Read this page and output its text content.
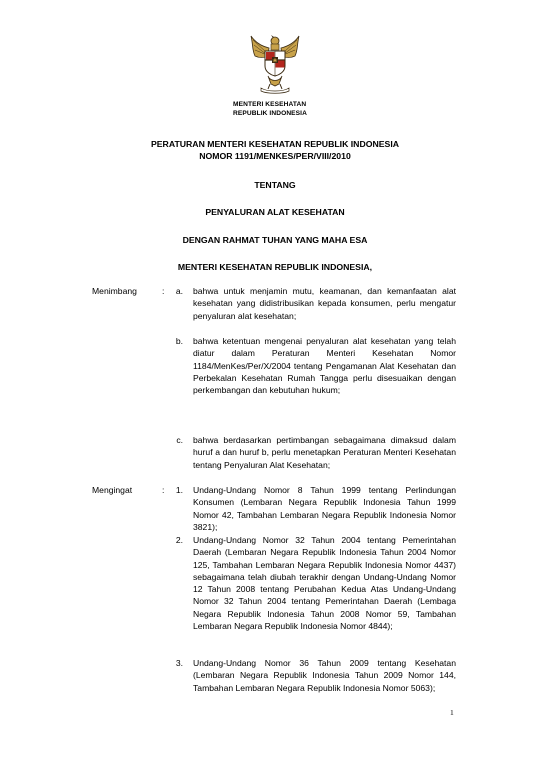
MENTERI KESEHATAN
REPUBLIK INDONESIA
PERATURAN MENTERI KESEHATAN REPUBLIK INDONESIA
NOMOR 1191/MENKES/PER/VIII/2010
TENTANG
PENYALURAN ALAT KESEHATAN
DENGAN RAHMAT TUHAN YANG MAHA ESA
MENTERI KESEHATAN REPUBLIK INDONESIA,
Menimbang	:	a. bahwa untuk menjamin mutu, keamanan, dan kemanfaatan alat kesehatan yang didistribusikan kepada konsumen, perlu mengatur penyaluran alat kesehatan;
b. bahwa ketentuan mengenai penyaluran alat kesehatan yang telah diatur dalam Peraturan Menteri Kesehatan Nomor 1184/MenKes/Per/X/2004 tentang Pengamanan Alat Kesehatan dan Perbekalan Kesehatan Rumah Tangga perlu disesuaikan dengan perkembangan dan kebutuhan hukum;
c. bahwa berdasarkan pertimbangan sebagaimana dimaksud dalam huruf a dan huruf b, perlu menetapkan Peraturan Menteri Kesehatan tentang Penyaluran Alat Kesehatan;
Mengingat	:	1. Undang-Undang Nomor 8 Tahun 1999 tentang Perlindungan Konsumen (Lembaran Negara Republik Indonesia Tahun 1999 Nomor 42, Tambahan Lembaran Negara Republik Indonesia Nomor 3821);
2. Undang-Undang Nomor 32 Tahun 2004 tentang Pemerintahan Daerah (Lembaran Negara Republik Indonesia Tahun 2004 Nomor 125, Tambahan Lembaran Negara Republik Indonesia Nomor 4437) sebagaimana telah diubah terakhir dengan Undang-Undang Nomor 12 Tahun 2008 tentang Perubahan Kedua Atas Undang-Undang Nomor 32 Tahun 2004 tentang Pemerintahan Daerah (Lembaga Negara Republik Indonesia Tahun 2008 Nomor 59, Tambahan Lembaran Negara Republik Indonesia Nomor 4844);
3. Undang-Undang Nomor 36 Tahun 2009 tentang Kesehatan (Lembaran Negara Republik Indonesia Tahun 2009 Nomor 144, Tambahan Lembaran Negara Republik Indonesia Nomor 5063);
1
